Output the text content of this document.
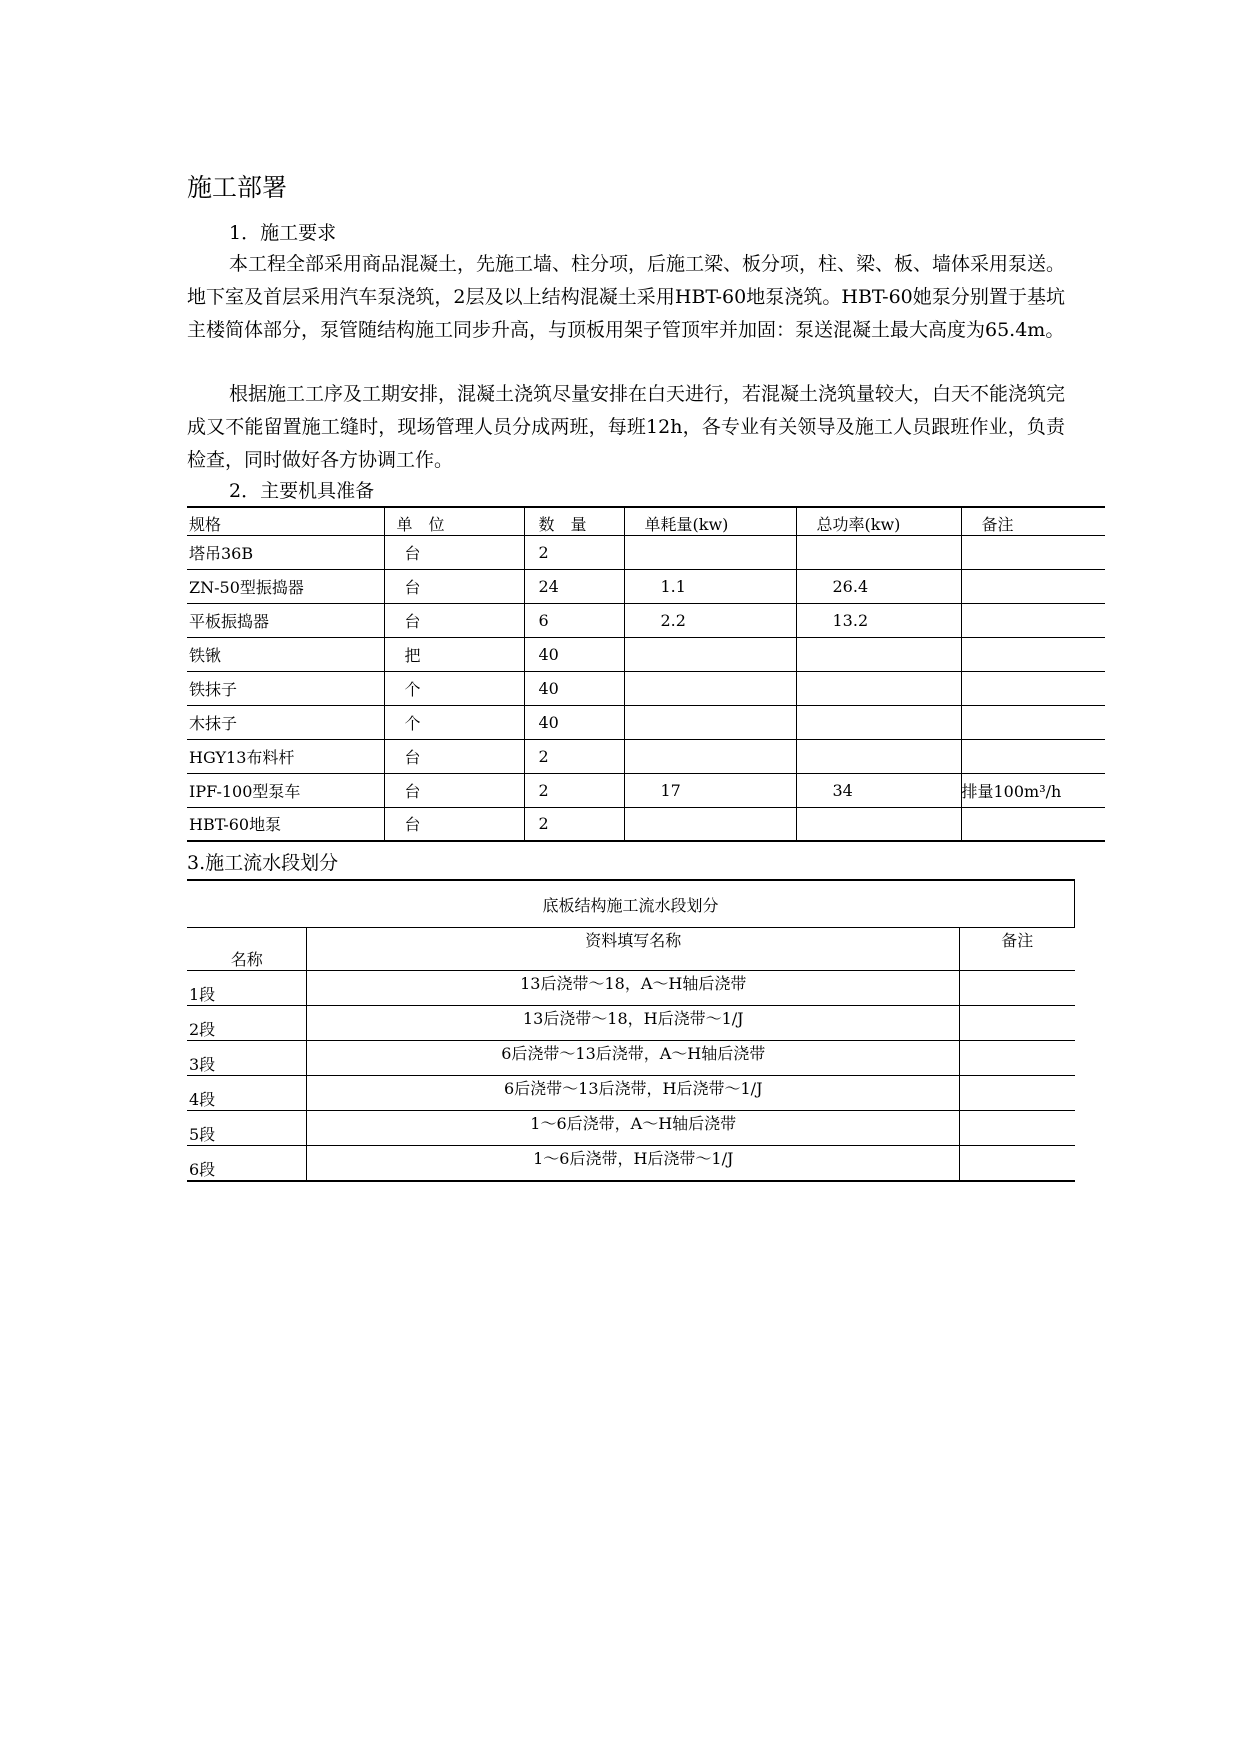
施工部署
1．施工要求

本工程全部采用商品混凝土，先施工墙、柱分项，后施工梁、板分项，柱、梁、板、墙体采用泵送。地下室及首层采用汽车泵浇筑，2层及以上结构混凝土采用HBT-60地泵浇筑。HBT-60她泵分别置于基坑主楼简体部分，泵管随结构施工同步升高，与顶板用架子管顶牢并加固：泵送混凝土最大高度为65.4m。

根据施工工序及工期安排，混凝土浇筑尽量安排在白天进行，若混凝土浇筑量较大，白天不能浇筑完成又不能留置施工缝时，现场管理人员分成两班，每班12h，各专业有关领导及施工人员跟班作业，负责检查，同时做好各方协调工作。

2．主要机具准备
规格	单　位	数　量	单耗量(kw)	总功率(kw)	备注
塔吊36B	台	2			
ZN-50型振捣器	台	24	1.1	26.4	
平板振捣器	台	6	2.2	13.2	
铁锹	把	40			
铁抹子	个	40			
木抹子	个	40			
HGY13布料杆	台	2			
IPF-100型泵车	台	2	17	34	排量100m³/h
HBT-60地泵	台	2			
3.施工流水段划分
底板结构施工流水段划分		
名称	资料填写名称	备注
1段	13后浇带～18，A～H轴后浇带	
2段	13后浇带～18，H后浇带～1/J	
3段	6后浇带～13后浇带，A～H轴后浇带	
4段	6后浇带～13后浇带，H后浇带～1/J	
5段	1～6后浇带，A～H轴后浇带	
6段	1～6后浇带，H后浇带～1/J	
